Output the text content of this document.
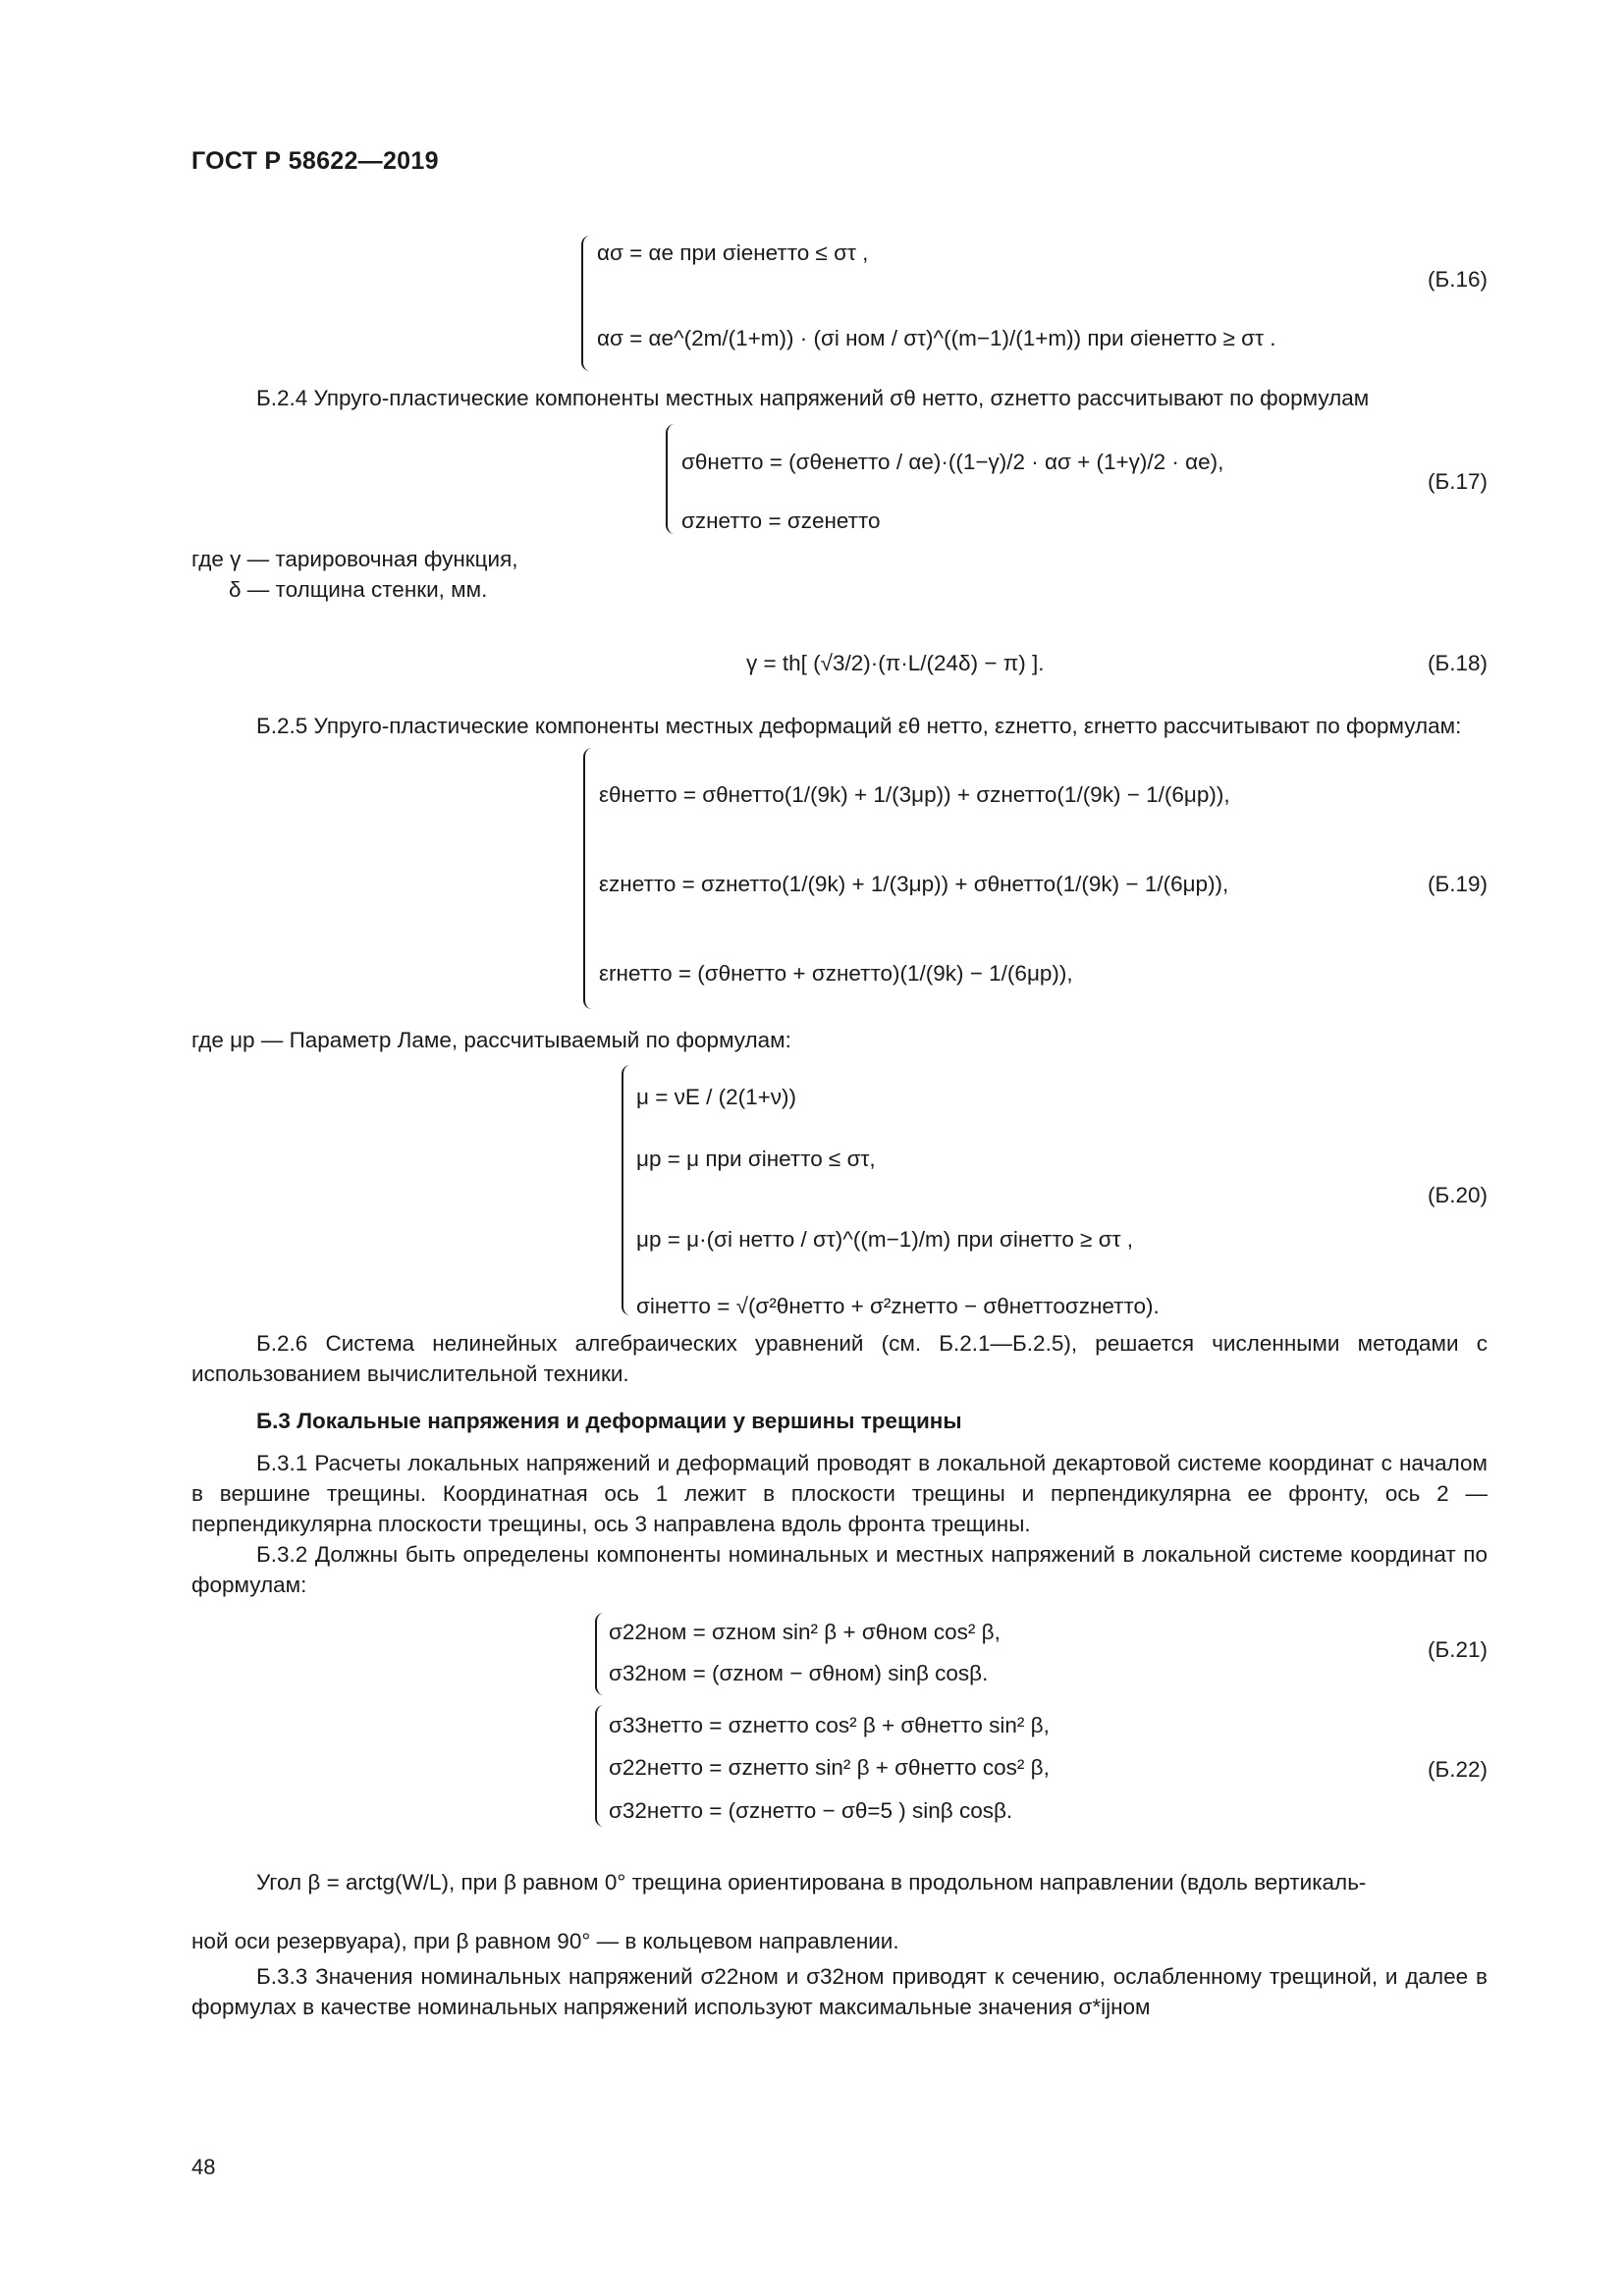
ГОСТ Р 58622—2019
ασ = αe при σiенетто ≤ στ ,
ασ = αe^(2m/(1+m)) · (σi ном / στ)^((m−1)/(1+m)) при σiенетто ≥ στ .
(Б.16)
Б.2.4 Упруго-пластические компоненты местных напряжений σθ нетто, σzнетто рассчитывают по формулам
σθнетто = (σθенетто / αe)·((1−γ)/2 · ασ + (1+γ)/2 · αe),
σzнетто = σzенетто
(Б.17)
где γ — тарировочная функция,
δ — толщина стенки, мм.
γ = th[ (√3/2)·(π·L/(24δ) − π) ].	(Б.18)
Б.2.5 Упруго-пластические компоненты местных деформаций εθ нетто, εzнетто, εrнетто рассчитывают по формулам:
εθнетто = σθнетто(1/(9k) + 1/(3μp)) + σzнетто(1/(9k) − 1/(6μp)),
εzнетто = σzнетто(1/(9k) + 1/(3μp)) + σθнетто(1/(9k) − 1/(6μp)),
εrнетто = (σθнетто + σzнетто)(1/(9k) − 1/(6μp)),
(Б.19)
где μp — Параметр Ламе, рассчитываемый по формулам:
μ = νE / (2(1+ν))
μp = μ при σiнетто ≤ στ,
μp = μ·(σi нетто / στ)^((m−1)/m) при σiнетто ≥ στ ,
σiнетто = √(σ²θнетто + σ²zнетто − σθнеттоσzнетто).
(Б.20)
Б.2.6 Система нелинейных алгебраических уравнений (см. Б.2.1—Б.2.5), решается численными методами с использованием вычислительной техники.
Б.3 Локальные напряжения и деформации у вершины трещины
Б.3.1 Расчеты локальных напряжений и деформаций проводят в локальной декартовой системе координат с началом в вершине трещины. Координатная ось 1 лежит в плоскости трещины и перпендикулярна ее фронту, ось 2 — перпендикулярна плоскости трещины, ось 3 направлена вдоль фронта трещины.
Б.3.2 Должны быть определены компоненты номинальных и местных напряжений в локальной системе координат по формулам:
σ22ном = σzном sin² β + σθном cos² β,
σ32ном = (σzном − σθном) sinβ cosβ.
(Б.21)
σ33нетто = σzнетто cos² β + σθнетто sin² β,
σ22нетто = σzнетто sin² β + σθнетто cos² β,
σ32нетто = (σzнетто − σθ=5 ) sinβ cosβ.
(Б.22)
Угол β = arctg(W/L), при β равном 0° трещина ориентирована в продольном направлении (вдоль вертикаль-
ной оси резервуара), при β равном 90° — в кольцевом направлении.
Б.3.3 Значения номинальных напряжений σ22ном и σ32ном приводят к сечению, ослабленному трещиной, и далее в формулах в качестве номинальных напряжений используют максимальные значения σ*ijном
48
